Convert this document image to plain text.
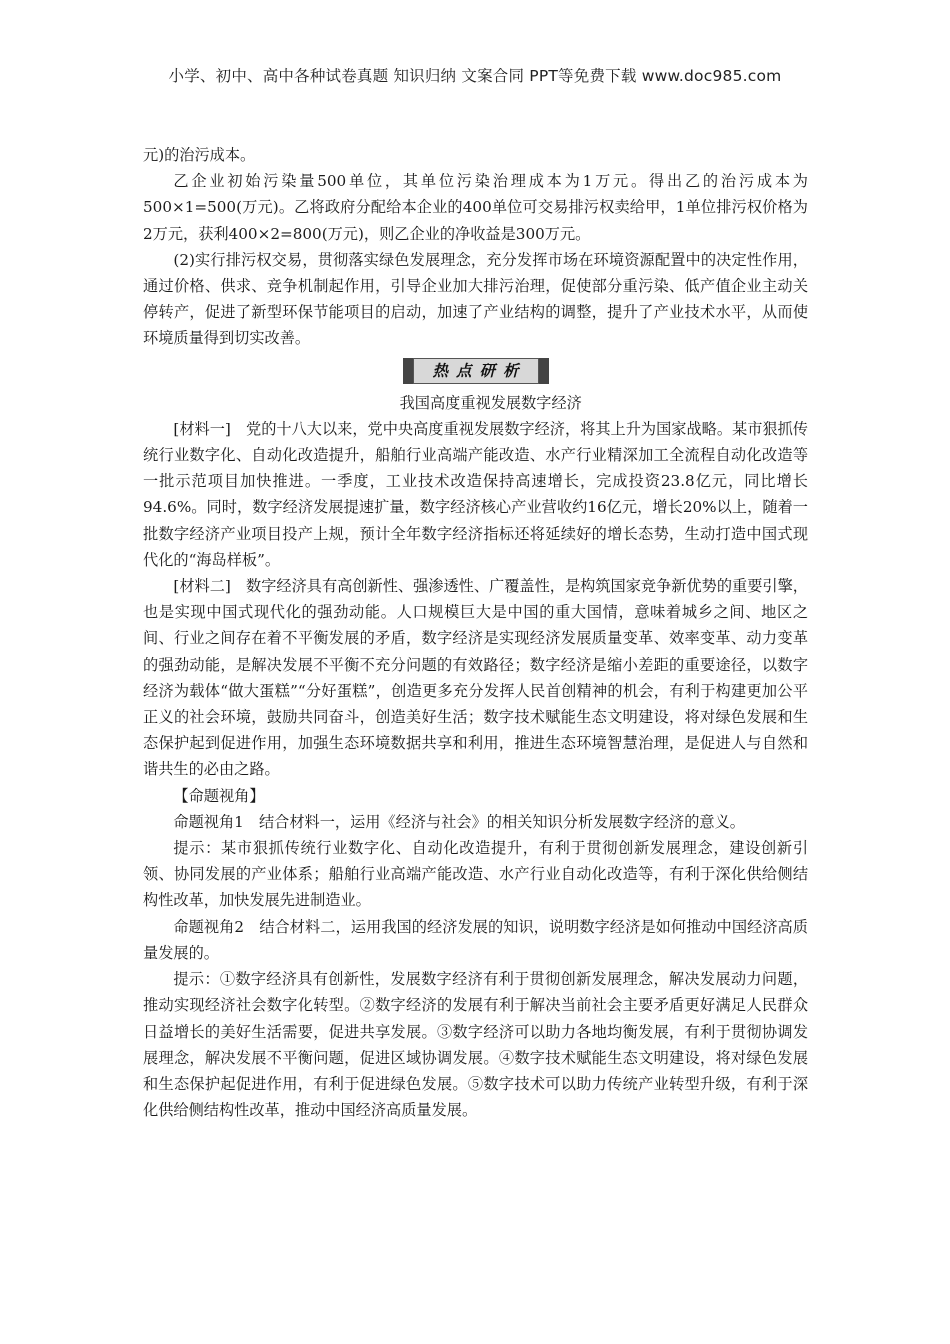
小学、初中、高中各种试卷真题 知识归纳 文案合同 PPT等免费下载 www.doc985.com

元)的治污成本。

乙企业初始污染量500单位，其单位污染治理成本为1万元。得出乙的治污成本为500×1=500(万元)。乙将政府分配给本企业的400单位可交易排污权卖给甲，1单位排污权价格为2万元，获利400×2=800(万元)，则乙企业的净收益是300万元。

(2)实行排污权交易，贯彻落实绿色发展理念，充分发挥市场在环境资源配置中的决定性作用，通过价格、供求、竞争机制起作用，引导企业加大排污治理，促使部分重污染、低产值企业主动关停转产，促进了新型环保节能项目的启动，加速了产业结构的调整，提升了产业技术水平，从而使环境质量得到切实改善。

热点研析

我国高度重视发展数字经济

[材料一]　党的十八大以来，党中央高度重视发展数字经济，将其上升为国家战略。某市狠抓传统行业数字化、自动化改造提升，船舶行业高端产能改造、水产行业精深加工全流程自动化改造等一批示范项目加快推进。一季度，工业技术改造保持高速增长，完成投资23.8亿元，同比增长94.6%。同时，数字经济发展提速扩量，数字经济核心产业营收约16亿元，增长20%以上，随着一批数字经济产业项目投产上规，预计全年数字经济指标还将延续好的增长态势，生动打造中国式现代化的“海岛样板”。

[材料二]　数字经济具有高创新性、强渗透性、广覆盖性，是构筑国家竞争新优势的重要引擎，也是实现中国式现代化的强劲动能。人口规模巨大是中国的重大国情，意味着城乡之间、地区之间、行业之间存在着不平衡发展的矛盾，数字经济是实现经济发展质量变革、效率变革、动力变革的强劲动能，是解决发展不平衡不充分问题的有效路径；数字经济是缩小差距的重要途径，以数字经济为载体“做大蛋糕”“分好蛋糕”，创造更多充分发挥人民首创精神的机会，有利于构建更加公平正义的社会环境，鼓励共同奋斗，创造美好生活；数字技术赋能生态文明建设，将对绿色发展和生态保护起到促进作用，加强生态环境数据共享和利用，推进生态环境智慧治理，是促进人与自然和谐共生的必由之路。

【命题视角】

命题视角1　结合材料一，运用《经济与社会》的相关知识分析发展数字经济的意义。

提示：某市狠抓传统行业数字化、自动化改造提升，有利于贯彻创新发展理念，建设创新引领、协同发展的产业体系；船舶行业高端产能改造、水产行业自动化改造等，有利于深化供给侧结构性改革，加快发展先进制造业。

命题视角2　结合材料二，运用我国的经济发展的知识，说明数字经济是如何推动中国经济高质量发展的。

提示：①数字经济具有创新性，发展数字经济有利于贯彻创新发展理念，解决发展动力问题，推动实现经济社会数字化转型。②数字经济的发展有利于解决当前社会主要矛盾更好满足人民群众日益增长的美好生活需要，促进共享发展。③数字经济可以助力各地均衡发展，有利于贯彻协调发展理念，解决发展不平衡问题，促进区域协调发展。④数字技术赋能生态文明建设，将对绿色发展和生态保护起促进作用，有利于促进绿色发展。⑤数字技术可以助力传统产业转型升级，有利于深化供给侧结构性改革，推动中国经济高质量发展。
